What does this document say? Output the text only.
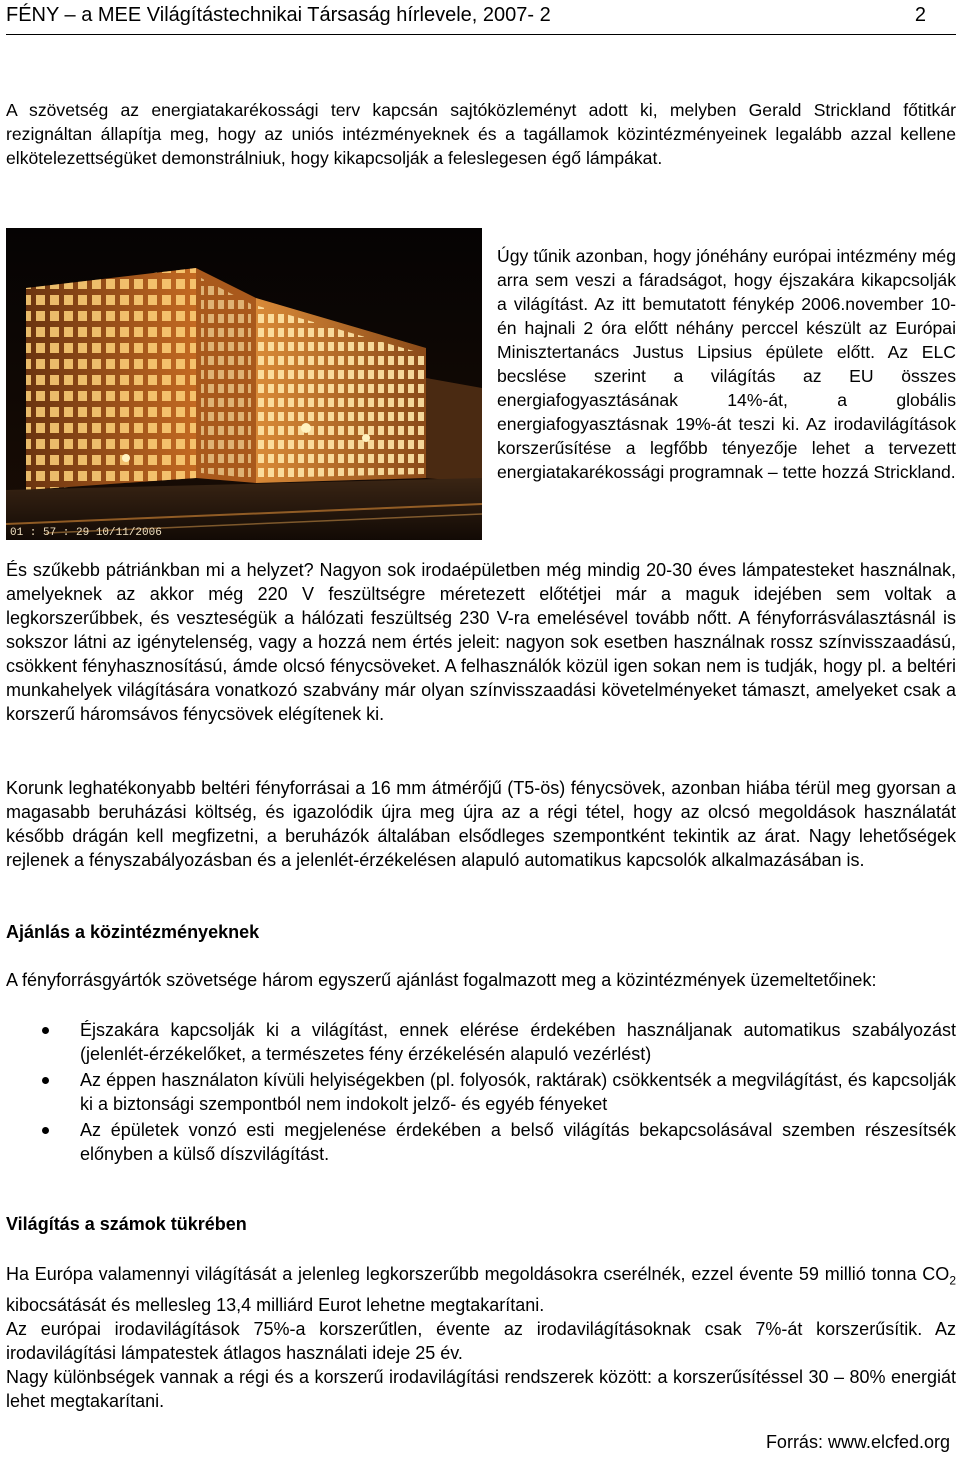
FÉNY – a MEE Világítástechnikai Társaság hírlevele, 2007- 2	2

A szövetség az energiatakarékossági terv kapcsán sajtóközleményt adott ki, melyben Gerald Strickland főtitkár rezignáltan állapítja meg, hogy az uniós intézményeknek és a tagállamok közintézményeinek legalább azzal kellene elkötelezettségüket demonstrálniuk, hogy kikapcsolják a feleslegesen égő lámpákat.

01 : 57 : 29 10/11/2006

Úgy tűnik azonban, hogy jónéhány európai intézmény még arra sem veszi a fáradságot, hogy éjszakára kikapcsolják a világítást. Az itt bemutatott fénykép 2006.november 10-én hajnali 2 óra előtt néhány perccel készült az Európai Minisztertanács Justus Lipsius épülete előtt. Az ELC becslése szerint a világítás az EU összes energiafogyasztásának 14%-át, a globális energiafogyasztásnak 19%-át teszi ki. Az irodavilágítások korszerűsítése a legfőbb tényezője lehet a tervezett energiatakarékossági programnak – tette hozzá Strickland.

És szűkebb pátriánkban mi a helyzet? Nagyon sok irodaépületben még mindig 20-30 éves lámpatesteket használnak, amelyeknek az akkor még 220 V feszültségre méretezett előtétjei már a maguk idejében sem voltak a legkorszerűbbek, és veszteségük a hálózati feszültség 230 V-ra emelésével tovább nőtt. A fényforrásválasztásnál is sokszor látni az igénytelenség, vagy a hozzá nem értés jeleit: nagyon sok esetben használnak rossz színvisszaadású, csökkent fényhasznosítású, ámde olcsó fénycsöveket. A felhasználók közül igen sokan nem is tudják, hogy pl. a beltéri munkahelyek világítására vonatkozó szabvány már olyan színvisszaadási követelményeket támaszt, amelyeket csak a korszerű háromsávos fénycsövek elégítenek ki.

Korunk leghatékonyabb beltéri fényforrásai a 16 mm átmérőjű (T5-ös) fénycsövek, azonban hiába térül meg gyorsan a magasabb beruházási költség, és igazolódik újra meg újra az a régi tétel, hogy az olcsó megoldások használatát később drágán kell megfizetni, a beruházók általában elsődleges szempontként tekintik az árat. Nagy lehetőségek rejlenek a fényszabályozásban és a jelenlét-érzékelésen alapuló automatikus kapcsolók alkalmazásában is.

Ajánlás a közintézményeknek

A fényforrásgyártók szövetsége három egyszerű ajánlást fogalmazott meg a közintézmények üzemeltetőinek:

Éjszakára kapcsolják ki a világítást, ennek elérése érdekében használjanak automatikus szabályozást (jelenlét-érzékelőket, a természetes fény érzékelésén alapuló vezérlést)
Az éppen használaton kívüli helyiségekben (pl. folyosók, raktárak) csökkentsék a megvilágítást, és kapcsolják ki a biztonsági szempontból nem indokolt jelző- és egyéb fényeket
Az épületek vonzó esti megjelenése érdekében a belső világítás bekapcsolásával szemben részesítsék előnyben a külső díszvilágítást.
Világítás a számok tükrében

Ha Európa valamennyi világítását a jelenleg legkorszerűbb megoldásokra cserélnék, ezzel évente 59 millió tonna $CO_2$ kibocsátását és mellesleg 13,4 milliárd Eurot lehetne megtakarítani.

Az európai irodavilágítások 75%-a korszerűtlen, évente az irodavilágításoknak csak 7%-át korszerűsítik. Az irodavilágítási lámpatestek átlagos használati ideje 25 év.

Nagy különbségek vannak a régi és a korszerű irodavilágítási rendszerek között: a korszerűsítéssel 30 – 80% energiát lehet megtakarítani.

Forrás: www.elcfed.org
